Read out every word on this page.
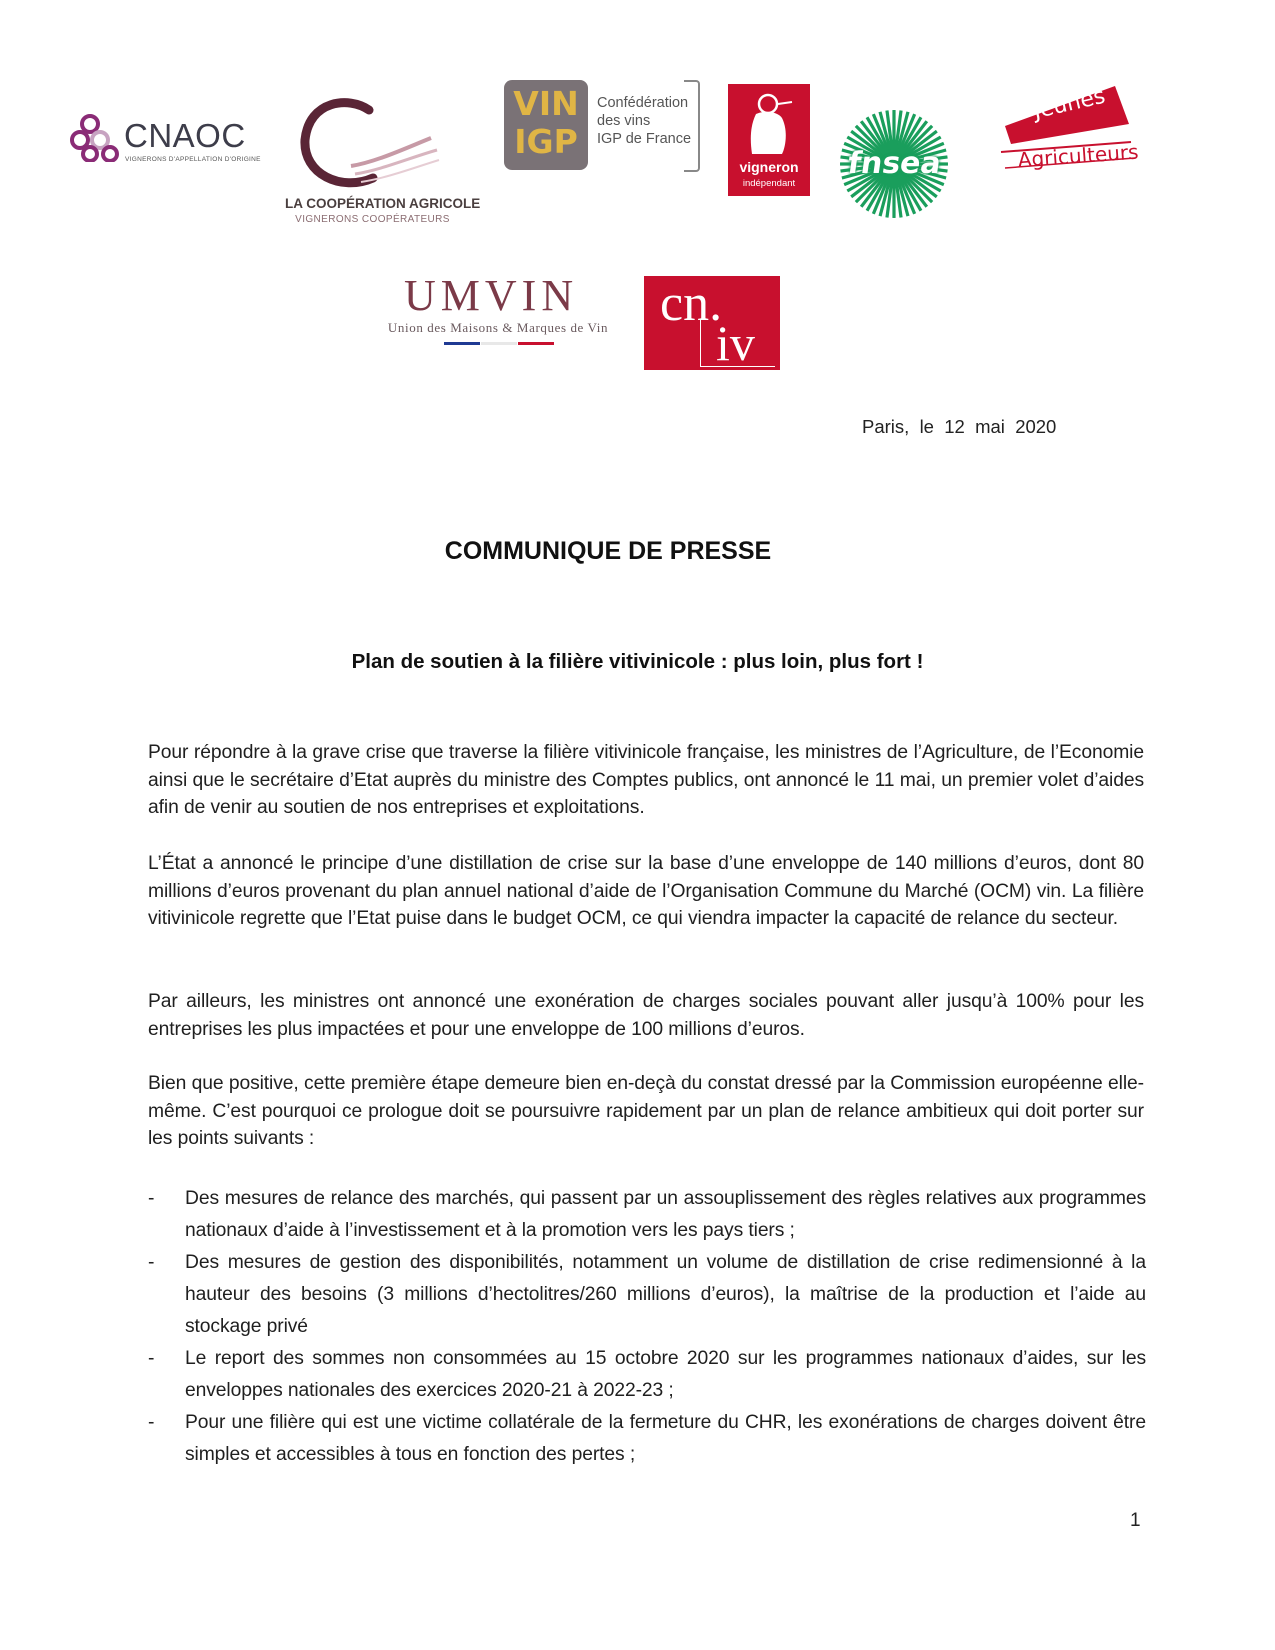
CNAOC
VIGNERONS D'APPELLATION D'ORIGINE
LA COOPÉRATION AGRICOLE
VIGNERONS COOPÉRATEURS
VIN
IGP
Confédération
des vins
IGP de France
vigneron
indépendant
fnsea
Jeunes
Agriculteurs
UMVIN
Union des Maisons & Marques de Vin cn.
iv
Paris,  le  12  mai  2020
COMMUNIQUE DE PRESSE
Plan de soutien à la filière vitivinicole : plus loin, plus fort !
Pour répondre à la grave crise que traverse la filière vitivinicole française, les ministres de l’Agriculture, de l’Economie ainsi que le secrétaire d’Etat auprès du ministre des Comptes publics, ont annoncé le 11 mai, un premier volet d’aides afin de venir au soutien de nos entreprises et exploitations.
L’État a annoncé le principe d’une distillation de crise sur la base d’une enveloppe de 140 millions d’euros, dont 80 millions d’euros provenant du plan annuel national d’aide de l’Organisation Commune du Marché (OCM) vin. La filière vitivinicole regrette que l’Etat puise dans le budget OCM, ce qui viendra impacter la capacité de relance du secteur.
Par ailleurs, les ministres ont annoncé une exonération de charges sociales pouvant aller jusqu’à 100% pour les entreprises les plus impactées et pour une enveloppe de 100 millions d’euros.
Bien que positive, cette première étape demeure bien en-deçà du constat dressé par la Commission européenne elle-même. C’est pourquoi ce prologue doit se poursuivre rapidement par un plan de relance ambitieux qui doit porter sur les points suivants :
- Des mesures de relance des marchés, qui passent par un assouplissement des règles relatives aux programmes nationaux d’aide à l’investissement et à la promotion vers les pays tiers ;
- Des mesures de gestion des disponibilités, notamment un volume de distillation de crise redimensionné à la hauteur des besoins (3 millions d’hectolitres/260 millions d’euros), la maîtrise de la production et l’aide au stockage privé
- Le report des sommes non consommées au 15 octobre 2020 sur les programmes nationaux d’aides, sur les enveloppes nationales des exercices 2020-21 à 2022-23 ;
- Pour une filière qui est une victime collatérale de la fermeture du CHR, les exonérations de charges doivent être simples et accessibles à tous en fonction des pertes ;
1
